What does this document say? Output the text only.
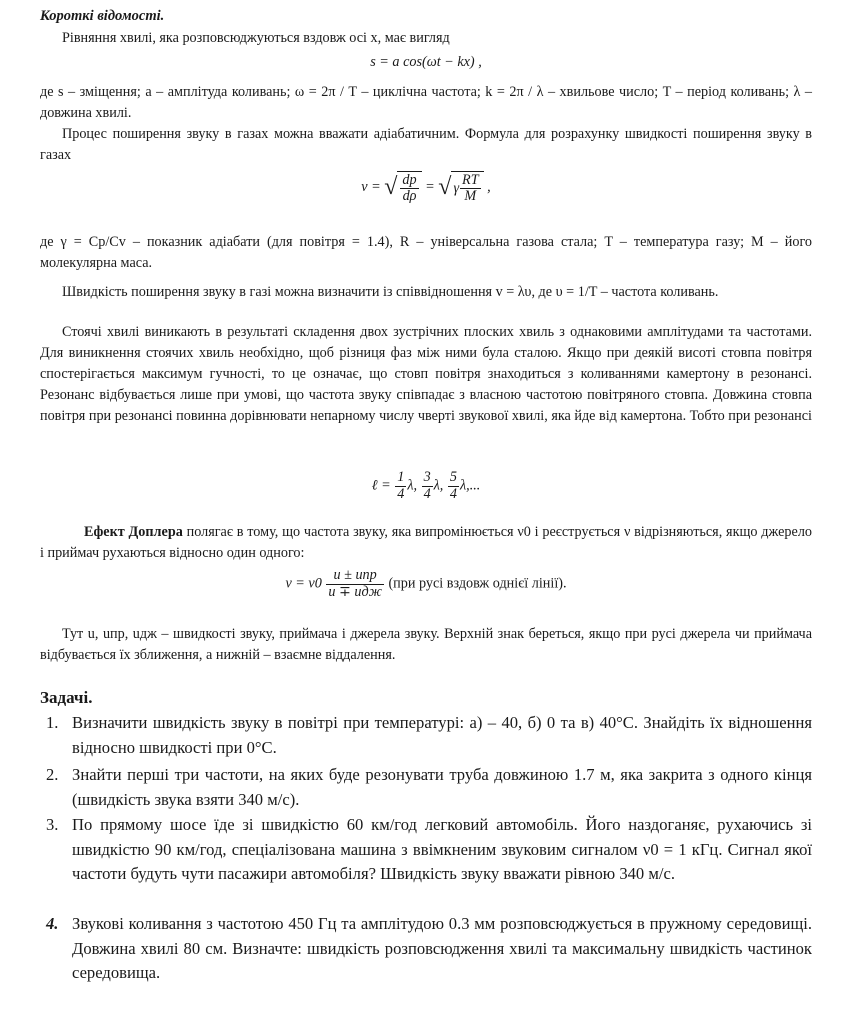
Короткі відомості.

Рівняння хвилі, яка розповсюджуються вздовж осі x, має вигляд

s = a cos(ωt − kx) ,

де s – зміщення; a – амплітуда коливань; ω = 2π / T – циклічна частота; k = 2π / λ – хвильове число; T – період коливань; λ – довжина хвилі.

Процес поширення звуку в газах можна вважати адіабатичним. Формула для розрахунку швидкості поширення звуку в газах

v = √ $\frac{dp}{d\rho}$ = √ γ $\frac{RT}{M}$ ,

де γ = Cp/Cv – показник адіабати (для повітря = 1.4), R – універсальна газова стала; T – температура газу; M – його молекулярна маса.

Швидкість поширення звуку в газі можна визначити із співвідношення v = λυ, де υ = 1/T – частота коливань.

Стоячі хвилі виникають в результаті складення двох зустрічних плоских хвиль з однаковими амплітудами та частотами. Для виникнення стоячих хвиль необхідно, щоб різниця фаз між ними була сталою. Якщо при деякій висоті стовпа повітря спостерігається максимум гучності, то це означає, що стовп повітря знаходиться з коливаннями камертону в резонансі. Резонанс відбувається лише при умові, що частота звуку співпадає з власною частотою повітряного стовпа. Довжина стовпа повітря при резонансі повинна дорівнювати непарному числу чверті звукової хвилі, яка йде від камертона. Тобто при резонансі

ℓ = $\frac{1}{4} \lambda$, $\frac{3}{4} \lambda$, $\frac{5}{4} \lambda$,...

Ефект Доплера полягає в тому, що частота звуку, яка випромінюється ν0 і реєструється ν відрізняються, якщо джерело і приймач рухаються відносно один одного:

$\nu = \nu 0 \frac{\text{u ± uпр}}{\text{u ∓ uдж}} (при$ русі вздовж однієї лінії).

Тут u, uпр, uдж – швидкості звуку, приймача і джерела звуку. Верхній знак береться, якщо при русі джерела чи приймача відбувається їх зближення, а нижній – взаємне віддалення.

Задачі.
1. Визначити швидкість звуку в повітрі при температурі: а) – 40, б) 0 та в) 40°С. Знайдіть їх відношення відносно швидкості при 0°С.
2. Знайти перші три частоти, на яких буде резонувати труба довжиною 1.7 м, яка закрита з одного кінця (швидкість звука взяти 340 м/с).
3. По прямому шосе їде зі швидкістю 60 км/год легковий автомобіль. Його наздоганяє, рухаючись зі швидкістю 90 км/год, спеціалізована машина з ввімкненим звуковим сигналом ν0 = 1 кГц. Сигнал якої частоти будуть чути пасажири автомобіля? Швидкість звуку вважати рівною 340 м/с.
4. Звукові коливання з частотою 450 Гц та амплітудою 0.3 мм розповсюджується в пружному середовищі. Довжина хвилі 80 см. Визначте: швидкість розповсюдження хвилі та максимальну швидкість частинок середовища.
